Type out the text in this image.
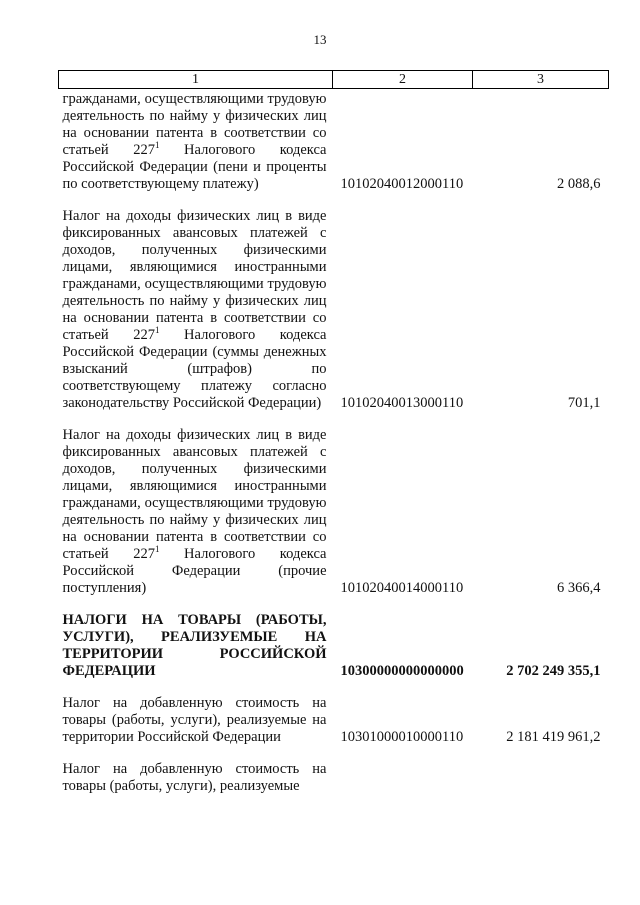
13
1	2	3
гражданами, осуществляющими трудовую деятельность по найму у физических лиц на основании патента в соответствии со статьей $227^1$ Налогового кодекса Российской Федерации (пени и проценты по соответствующему платежу)	10102040012000110	2 088,6
Налог на доходы физических лиц в виде фиксированных авансовых платежей с доходов, полученных физическими лицами, являющимися иностранными гражданами, осуществляющими трудовую деятельность по найму у физических лиц на основании патента в соответствии со статьей $227^1$ Налогового кодекса Российской Федерации (суммы денежных взысканий (штрафов) по соответствующему платежу согласно законодательству Российской Федерации)	10102040013000110	701,1
Налог на доходы физических лиц в виде фиксированных авансовых платежей с доходов, полученных физическими лицами, являющимися иностранными гражданами, осуществляющими трудовую деятельность по найму у физических лиц на основании патента в соответствии со статьей $227^1$ Налогового кодекса Российской Федерации (прочие поступления)	10102040014000110	6 366,4
НАЛОГИ НА ТОВАРЫ (РАБОТЫ, УСЛУГИ), РЕАЛИЗУЕМЫЕ НА ТЕРРИТОРИИ РОССИЙСКОЙ ФЕДЕРАЦИИ	10300000000000000	2 702 249 355,1
Налог на добавленную стоимость на товары (работы, услуги), реализуемые на территории Российской Федерации	10301000010000110	2 181 419 961,2
Налог на добавленную стоимость на товары (работы, услуги), реализуемые		
